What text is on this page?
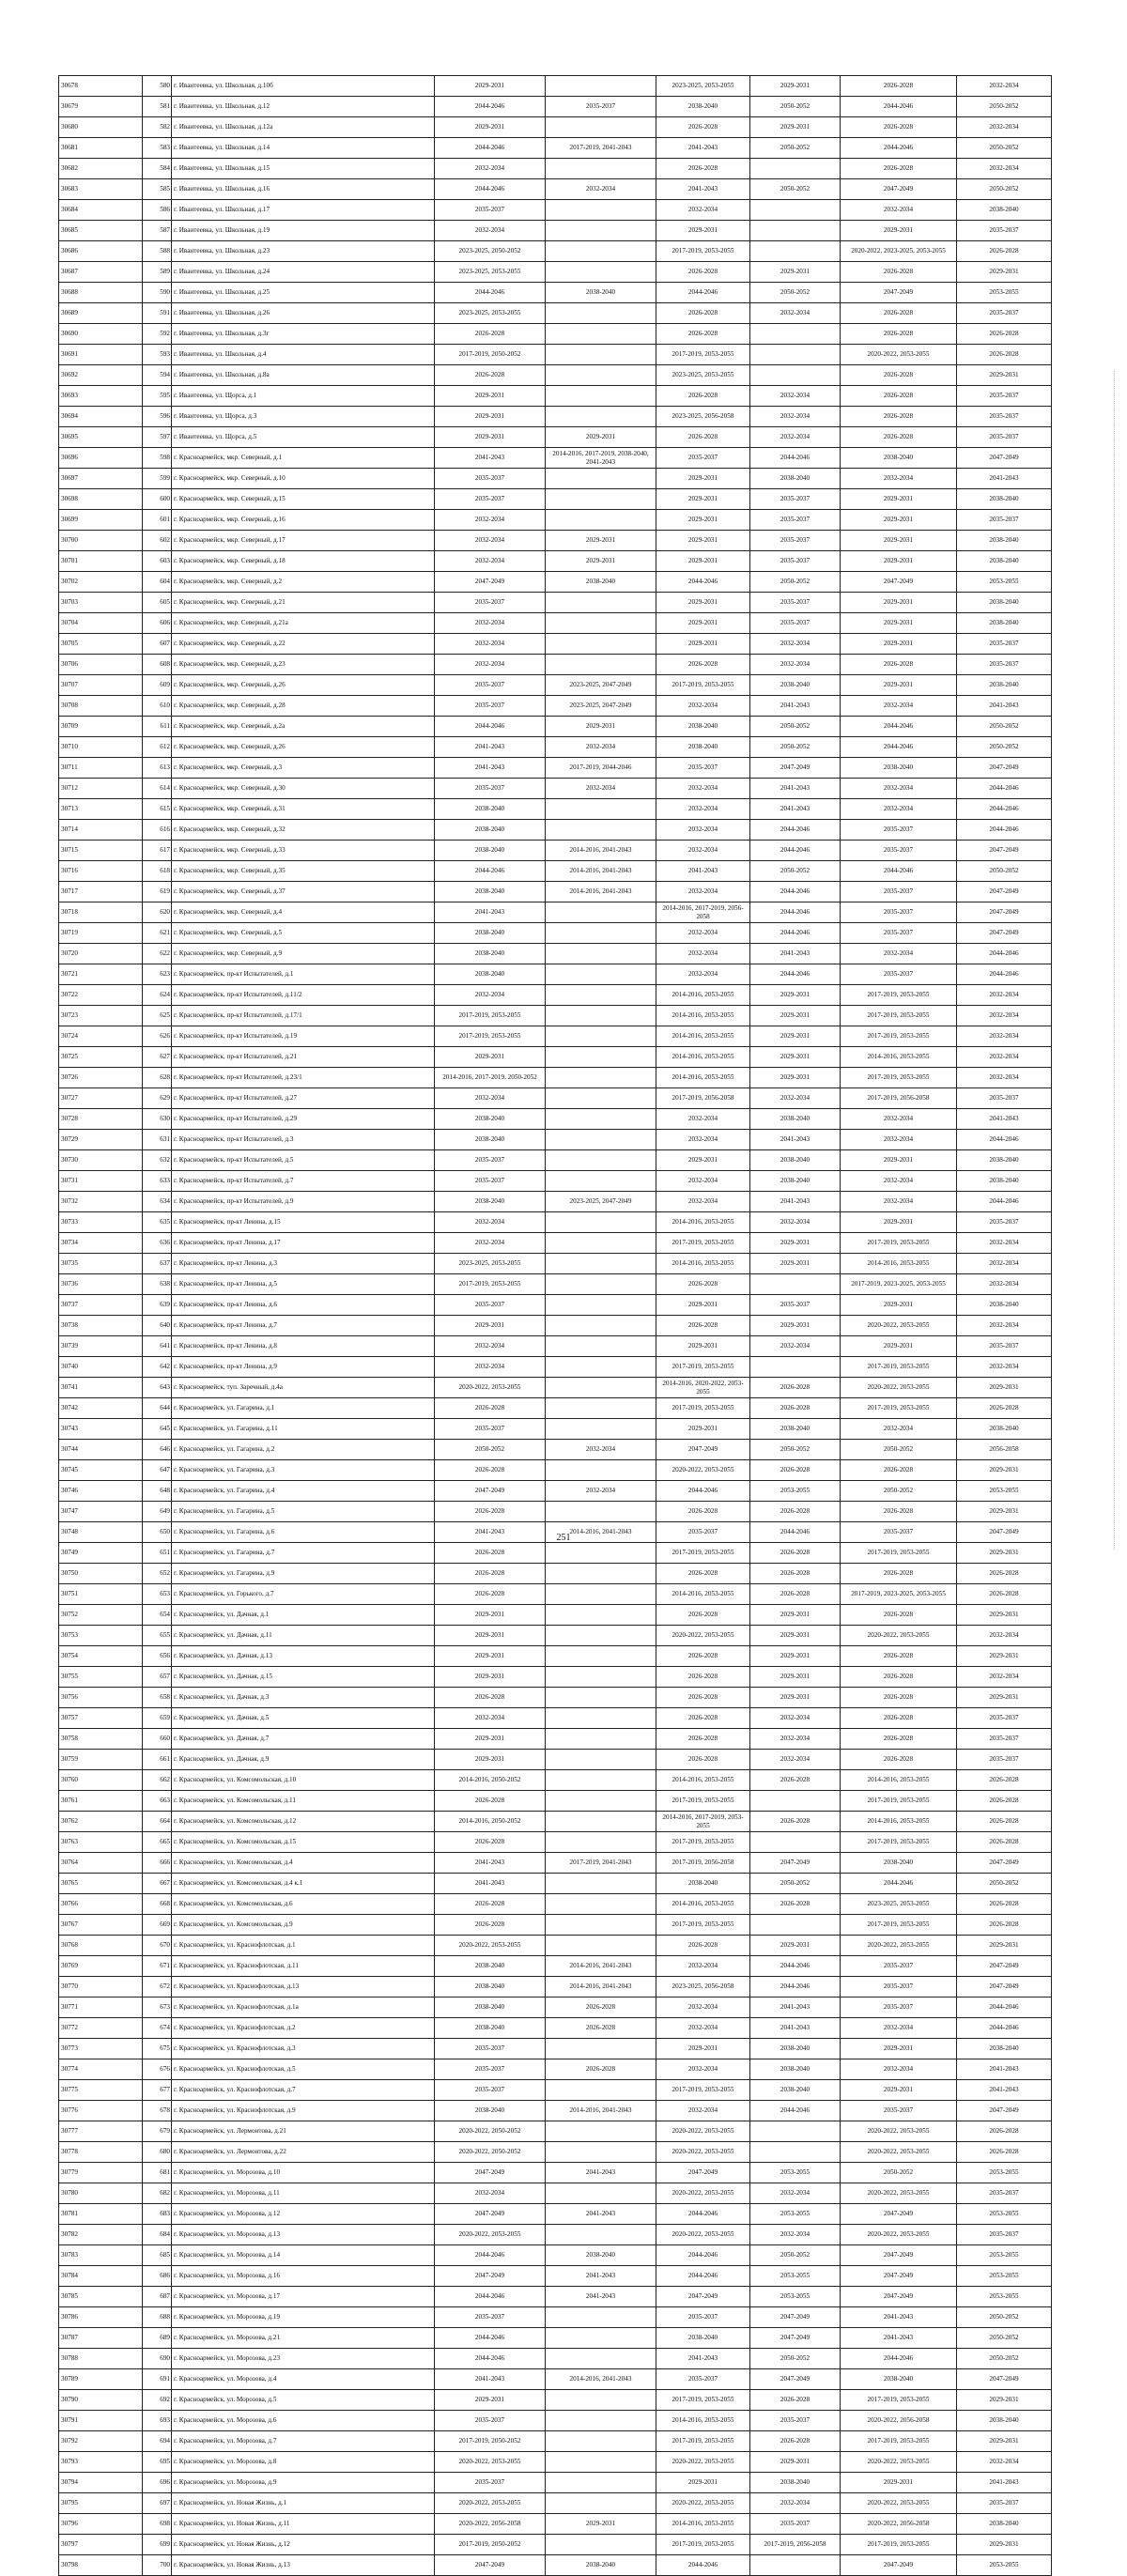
30678	580	г. Ивантеевка, ул. Школьная, д.10б	2029-2031		2023-2025, 2053-2055	2029-2031	2026-2028	2032-2034
30679	581	г. Ивантеевка, ул. Школьная, д.12	2044-2046	2035-2037	2038-2040	2050-2052	2044-2046	2050-2052
30680	582	г. Ивантеевка, ул. Школьная, д.12а	2029-2031		2026-2028	2029-2031	2026-2028	2032-2034
30681	583	г. Ивантеевка, ул. Школьная, д.14	2044-2046	2017-2019, 2041-2043	2041-2043	2050-2052	2044-2046	2050-2052
30682	584	г. Ивантеевка, ул. Школьная, д.15	2032-2034		2026-2028		2026-2028	2032-2034
30683	585	г. Ивантеевка, ул. Школьная, д.16	2044-2046	2032-2034	2041-2043	2050-2052	2047-2049	2050-2052
30684	586	г. Ивантеевка, ул. Школьная, д.17	2035-2037		2032-2034		2032-2034	2038-2040
30685	587	г. Ивантеевка, ул. Школьная, д.19	2032-2034		2029-2031		2029-2031	2035-2037
30686	588	г. Ивантеевка, ул. Школьная, д.23	2023-2025, 2050-2052		2017-2019, 2053-2055		2020-2022, 2023-2025, 2053-2055	2026-2028
30687	589	г. Ивантеевка, ул. Школьная, д.24	2023-2025, 2053-2055		2026-2028	2029-2031	2026-2028	2029-2031
30688	590	г. Ивантеевка, ул. Школьная, д.25	2044-2046	2038-2040	2044-2046	2050-2052	2047-2049	2053-2055
30689	591	г. Ивантеевка, ул. Школьная, д.26	2023-2025, 2053-2055		2026-2028	2032-2034	2026-2028	2035-2037
30690	592	г. Ивантеевка, ул. Школьная, д.3г	2026-2028		2026-2028		2026-2028	2026-2028
30691	593	г. Ивантеевка, ул. Школьная, д.4	2017-2019, 2050-2052		2017-2019, 2053-2055		2020-2022, 2053-2055	2026-2028
30692	594	г. Ивантеевка, ул. Школьная, д.8а	2026-2028		2023-2025, 2053-2055		2026-2028	2029-2031
30693	595	г. Ивантеевка, ул. Щорса, д.1	2029-2031		2026-2028	2032-2034	2026-2028	2035-2037
30694	596	г. Ивантеевка, ул. Щорса, д.3	2029-2031		2023-2025, 2056-2058	2032-2034	2026-2028	2035-2037
30695	597	г. Ивантеевка, ул. Щорса, д.5	2029-2031	2029-2031	2026-2028	2032-2034	2026-2028	2035-2037
30696	598	г. Красноармейск, мкр. Северный, д.1	2041-2043	2014-2016, 2017-2019, 2038-2040, 2041-2043	2035-2037	2044-2046	2038-2040	2047-2049
30697	599	г. Красноармейск, мкр. Северный, д.10	2035-2037		2029-2031	2038-2040	2032-2034	2041-2043
30698	600	г. Красноармейск, мкр. Северный, д.15	2035-2037		2029-2031	2035-2037	2029-2031	2038-2040
30699	601	г. Красноармейск, мкр. Северный, д.16	2032-2034		2029-2031	2035-2037	2029-2031	2035-2037
30700	602	г. Красноармейск, мкр. Северный, д.17	2032-2034	2029-2031	2029-2031	2035-2037	2029-2031	2038-2040
30701	603	г. Красноармейск, мкр. Северный, д.18	2032-2034	2029-2031	2029-2031	2035-2037	2029-2031	2038-2040
30702	604	г. Красноармейск, мкр. Северный, д.2	2047-2049	2038-2040	2044-2046	2050-2052	2047-2049	2053-2055
30703	605	г. Красноармейск, мкр. Северный, д.21	2035-2037		2029-2031	2035-2037	2029-2031	2038-2040
30704	606	г. Красноармейск, мкр. Северный, д.21а	2032-2034		2029-2031	2035-2037	2029-2031	2038-2040
30705	607	г. Красноармейск, мкр. Северный, д.22	2032-2034		2029-2031	2032-2034	2029-2031	2035-2037
30706	608	г. Красноармейск, мкр. Северный, д.23	2032-2034		2026-2028	2032-2034	2026-2028	2035-2037
30707	609	г. Красноармейск, мкр. Северный, д.26	2035-2037	2023-2025, 2047-2049	2017-2019, 2053-2055	2038-2040	2029-2031	2038-2040
30708	610	г. Красноармейск, мкр. Северный, д.28	2035-2037	2023-2025, 2047-2049	2032-2034	2041-2043	2032-2034	2041-2043
30709	611	г. Красноармейск, мкр. Северный, д.2а	2044-2046	2029-2031	2038-2040	2050-2052	2044-2046	2050-2052
30710	612	г. Красноармейск, мкр. Северный, д.26	2041-2043	2032-2034	2038-2040	2050-2052	2044-2046	2050-2052
30711	613	г. Красноармейск, мкр. Северный, д.3	2041-2043	2017-2019, 2044-2046	2035-2037	2047-2049	2038-2040	2047-2049
30712	614	г. Красноармейск, мкр. Северный, д.30	2035-2037	2032-2034	2032-2034	2041-2043	2032-2034	2044-2046
30713	615	г. Красноармейск, мкр. Северный, д.31	2038-2040		2032-2034	2041-2043	2032-2034	2044-2046
30714	616	г. Красноармейск, мкр. Северный, д.32	2038-2040		2032-2034	2044-2046	2035-2037	2044-2046
30715	617	г. Красноармейск, мкр. Северный, д.33	2038-2040	2014-2016, 2041-2043	2032-2034	2044-2046	2035-2037	2047-2049
30716	618	г. Красноармейск, мкр. Северный, д.35	2044-2046	2014-2016, 2041-2043	2041-2043	2050-2052	2044-2046	2050-2052
30717	619	г. Красноармейск, мкр. Северный, д.37	2038-2040	2014-2016, 2041-2043	2032-2034	2044-2046	2035-2037	2047-2049
30718	620	г. Красноармейск, мкр. Северный, д.4	2041-2043		2014-2016, 2017-2019, 2056-2058	2044-2046	2035-2037	2047-2049
30719	621	г. Красноармейск, мкр. Северный, д.5	2038-2040		2032-2034	2044-2046	2035-2037	2047-2049
30720	622	г. Красноармейск, мкр. Северный, д.9	2038-2040		2032-2034	2041-2043	2032-2034	2044-2046
30721	623	г. Красноармейск, пр-кт Испытателей, д.1	2038-2040		2032-2034	2044-2046	2035-2037	2044-2046
30722	624	г. Красноармейск, пр-кт Испытателей, д.11/2	2032-2034		2014-2016, 2053-2055	2029-2031	2017-2019, 2053-2055	2032-2034
30723	625	г. Красноармейск, пр-кт Испытателей, д.17/1	2017-2019, 2053-2055		2014-2016, 2053-2055	2029-2031	2017-2019, 2053-2055	2032-2034
30724	626	г. Красноармейск, пр-кт Испытателей, д.19	2017-2019, 2053-2055		2014-2016, 2053-2055	2029-2031	2017-2019, 2053-2055	2032-2034
30725	627	г. Красноармейск, пр-кт Испытателей, д.21	2029-2031		2014-2016, 2053-2055	2029-2031	2014-2016, 2053-2055	2032-2034
30726	628	г. Красноармейск, пр-кт Испытателей, д.23/1	2014-2016, 2017-2019, 2050-2052		2014-2016, 2053-2055	2029-2031	2017-2019, 2053-2055	2032-2034
30727	629	г. Красноармейск, пр-кт Испытателей, д.27	2032-2034		2017-2019, 2056-2058	2032-2034	2017-2019, 2056-2058	2035-2037
30728	630	г. Красноармейск, пр-кт Испытателей, д.29	2038-2040		2032-2034	2038-2040	2032-2034	2041-2043
30729	631	г. Красноармейск, пр-кт Испытателей, д.3	2038-2040		2032-2034	2041-2043	2032-2034	2044-2046
30730	632	г. Красноармейск, пр-кт Испытателей, д.5	2035-2037		2029-2031	2038-2040	2029-2031	2038-2040
30731	633	г. Красноармейск, пр-кт Испытателей, д.7	2035-2037		2032-2034	2038-2040	2032-2034	2038-2040
30732	634	г. Красноармейск, пр-кт Испытателей, д.9	2038-2040	2023-2025, 2047-2049	2032-2034	2041-2043	2032-2034	2044-2046
30733	635	г. Красноармейск, пр-кт Ленина, д.15	2032-2034		2014-2016, 2053-2055	2032-2034	2029-2031	2035-2037
30734	636	г. Красноармейск, пр-кт Ленина, д.17	2032-2034		2017-2019, 2053-2055	2029-2031	2017-2019, 2053-2055	2032-2034
30735	637	г. Красноармейск, пр-кт Ленина, д.3	2023-2025, 2053-2055		2014-2016, 2053-2055	2029-2031	2014-2016, 2053-2055	2032-2034
30736	638	г. Красноармейск, пр-кт Ленина, д.5	2017-2019, 2053-2055		2026-2028		2017-2019, 2023-2025, 2053-2055	2032-2034
30737	639	г. Красноармейск, пр-кт Ленина, д.6	2035-2037		2029-2031	2035-2037	2029-2031	2038-2040
30738	640	г. Красноармейск, пр-кт Ленина, д.7	2029-2031		2026-2028	2029-2031	2020-2022, 2053-2055	2032-2034
30739	641	г. Красноармейск, пр-кт Ленина, д.8	2032-2034		2029-2031	2032-2034	2029-2031	2035-2037
30740	642	г. Красноармейск, пр-кт Ленина, д.9	2032-2034		2017-2019, 2053-2055		2017-2019, 2053-2055	2032-2034
30741	643	г. Красноармейск, туп. Заречный, д.4а	2020-2022, 2053-2055		2014-2016, 2020-2022, 2053-2055	2026-2028	2020-2022, 2053-2055	2029-2031
30742	644	г. Красноармейск, ул. Гагарина, д.1	2026-2028		2017-2019, 2053-2055	2026-2028	2017-2019, 2053-2055	2026-2028
30743	645	г. Красноармейск, ул. Гагарина, д.11	2035-2037		2029-2031	2038-2040	2032-2034	2038-2040
30744	646	г. Красноармейск, ул. Гагарина, д.2	2050-2052	2032-2034	2047-2049	2050-2052	2050-2052	2056-2058
30745	647	г. Красноармейск, ул. Гагарина, д.3	2026-2028		2020-2022, 2053-2055	2026-2028	2026-2028	2029-2031
30746	648	г. Красноармейск, ул. Гагарина, д.4	2047-2049	2032-2034	2044-2046	2053-2055	2050-2052	2053-2055
30747	649	г. Красноармейск, ул. Гагарина, д.5	2026-2028		2026-2028	2026-2028	2026-2028	2029-2031
30748	650	г. Красноармейск, ул. Гагарина, д.6	2041-2043	2014-2016, 2041-2043	2035-2037	2044-2046	2035-2037	2047-2049
30749	651	г. Красноармейск, ул. Гагарина, д.7	2026-2028		2017-2019, 2053-2055	2026-2028	2017-2019, 2053-2055	2029-2031
30750	652	г. Красноармейск, ул. Гагарина, д.9	2026-2028		2026-2028	2026-2028	2026-2028	2026-2028
30751	653	г. Красноармейск, ул. Горького, д.7	2026-2028		2014-2016, 2053-2055	2026-2028	2017-2019, 2023-2025, 2053-2055	2026-2028
30752	654	г. Красноармейск, ул. Дачная, д.1	2029-2031		2026-2028	2029-2031	2026-2028	2029-2031
30753	655	г. Красноармейск, ул. Дачная, д.11	2029-2031		2020-2022, 2053-2055	2029-2031	2020-2022, 2053-2055	2032-2034
30754	656	г. Красноармейск, ул. Дачная, д.13	2029-2031		2026-2028	2029-2031	2026-2028	2029-2031
30755	657	г. Красноармейск, ул. Дачная, д.15	2029-2031		2026-2028	2029-2031	2026-2028	2032-2034
30756	658	г. Красноармейск, ул. Дачная, д.3	2026-2028		2026-2028	2029-2031	2026-2028	2029-2031
30757	659	г. Красноармейск, ул. Дачная, д.5	2032-2034		2026-2028	2032-2034	2026-2028	2035-2037
30758	660	г. Красноармейск, ул. Дачная, д.7	2029-2031		2026-2028	2032-2034	2026-2028	2035-2037
30759	661	г. Красноармейск, ул. Дачная, д.9	2029-2031		2026-2028	2032-2034	2026-2028	2035-2037
30760	662	г. Красноармейск, ул. Комсомольская, д.10	2014-2016, 2050-2052		2014-2016, 2053-2055	2026-2028	2014-2016, 2053-2055	2026-2028
30761	663	г. Красноармейск, ул. Комсомольская, д.11	2026-2028		2017-2019, 2053-2055		2017-2019, 2053-2055	2026-2028
30762	664	г. Красноармейск, ул. Комсомольская, д.12	2014-2016, 2050-2052		2014-2016, 2017-2019, 2053-2055	2026-2028	2014-2016, 2053-2055	2026-2028
30763	665	г. Красноармейск, ул. Комсомольская, д.15	2026-2028		2017-2019, 2053-2055		2017-2019, 2053-2055	2026-2028
30764	666	г. Красноармейск, ул. Комсомольская, д.4	2041-2043	2017-2019, 2041-2043	2017-2019, 2056-2058	2047-2049	2038-2040	2047-2049
30765	667	г. Красноармейск, ул. Комсомольская, д.4 к.1	2041-2043		2038-2040	2050-2052	2044-2046	2050-2052
30766	668	г. Красноармейск, ул. Комсомольская, д.6	2026-2028		2014-2016, 2053-2055	2026-2028	2023-2025, 2053-2055	2026-2028
30767	669	г. Красноармейск, ул. Комсомольская, д.9	2026-2028		2017-2019, 2053-2055		2017-2019, 2053-2055	2026-2028
30768	670	г. Красноармейск, ул. Краснофлотская, д.1	2020-2022, 2053-2055		2026-2028	2029-2031	2020-2022, 2053-2055	2029-2031
30769	671	г. Красноармейск, ул. Краснофлотская, д.11	2038-2040	2014-2016, 2041-2043	2032-2034	2044-2046	2035-2037	2047-2049
30770	672	г. Красноармейск, ул. Краснофлотская, д.13	2038-2040	2014-2016, 2041-2043	2023-2025, 2056-2058	2044-2046	2035-2037	2047-2049
30771	673	г. Красноармейск, ул. Краснофлотская, д.1а	2038-2040	2026-2028	2032-2034	2041-2043	2035-2037	2044-2046
30772	674	г. Красноармейск, ул. Краснофлотская, д.2	2038-2040	2026-2028	2032-2034	2041-2043	2032-2034	2044-2046
30773	675	г. Красноармейск, ул. Краснофлотская, д.3	2035-2037		2029-2031	2038-2040	2029-2031	2038-2040
30774	676	г. Красноармейск, ул. Краснофлотская, д.5	2035-2037	2026-2028	2032-2034	2038-2040	2032-2034	2041-2043
30775	677	г. Красноармейск, ул. Краснофлотская, д.7	2035-2037		2017-2019, 2053-2055	2038-2040	2029-2031	2041-2043
30776	678	г. Красноармейск, ул. Краснофлотская, д.9	2038-2040	2014-2016, 2041-2043	2032-2034	2044-2046	2035-2037	2047-2049
30777	679	г. Красноармейск, ул. Лермонтова, д.21	2020-2022, 2050-2052		2020-2022, 2053-2055		2020-2022, 2053-2055	2026-2028
30778	680	г. Красноармейск, ул. Лермонтова, д.22	2020-2022, 2050-2052		2020-2022, 2053-2055		2020-2022, 2053-2055	2026-2028
30779	681	г. Красноармейск, ул. Морозова, д.10	2047-2049	2041-2043	2047-2049	2053-2055	2050-2052	2053-2055
30780	682	г. Красноармейск, ул. Морозова, д.11	2032-2034		2020-2022, 2053-2055	2032-2034	2020-2022, 2053-2055	2035-2037
30781	683	г. Красноармейск, ул. Морозова, д.12	2047-2049	2041-2043	2044-2046	2053-2055	2047-2049	2053-2055
30782	684	г. Красноармейск, ул. Морозова, д.13	2020-2022, 2053-2055		2020-2022, 2053-2055	2032-2034	2020-2022, 2053-2055	2035-2037
30783	685	г. Красноармейск, ул. Морозова, д.14	2044-2046	2038-2040	2044-2046	2050-2052	2047-2049	2053-2055
30784	686	г. Красноармейск, ул. Морозова, д.16	2047-2049	2041-2043	2044-2046	2053-2055	2047-2049	2053-2055
30785	687	г. Красноармейск, ул. Морозова, д.17	2044-2046	2041-2043	2047-2049	2053-2055	2047-2049	2053-2055
30786	688	г. Красноармейск, ул. Морозова, д.19	2035-2037		2035-2037	2047-2049	2041-2043	2050-2052
30787	689	г. Красноармейск, ул. Морозова, д.21	2044-2046		2038-2040	2047-2049	2041-2043	2050-2052
30788	690	г. Красноармейск, ул. Морозова, д.23	2044-2046		2041-2043	2050-2052	2044-2046	2050-2052
30789	691	г. Красноармейск, ул. Морозова, д.4	2041-2043	2014-2016, 2041-2043	2035-2037	2047-2049	2038-2040	2047-2049
30790	692	г. Красноармейск, ул. Морозова, д.5	2029-2031		2017-2019, 2053-2055	2026-2028	2017-2019, 2053-2055	2029-2031
30791	693	г. Красноармейск, ул. Морозова, д.6	2035-2037		2014-2016, 2053-2055	2035-2037	2020-2022, 2056-2058	2038-2040
30792	694	г. Красноармейск, ул. Морозова, д.7	2017-2019, 2050-2052		2017-2019, 2053-2055	2026-2028	2017-2019, 2053-2055	2029-2031
30793	695	г. Красноармейск, ул. Морозова, д.8	2020-2022, 2053-2055		2020-2022, 2053-2055	2029-2031	2020-2022, 2053-2055	2032-2034
30794	696	г. Красноармейск, ул. Морозова, д.9	2035-2037		2029-2031	2038-2040	2029-2031	2041-2043
30795	697	г. Красноармейск, ул. Новая Жизнь, д.1	2020-2022, 2053-2055		2020-2022, 2053-2055	2032-2034	2020-2022, 2053-2055	2035-2037
30796	698	г. Красноармейск, ул. Новая Жизнь, д.11	2020-2022, 2056-2058	2029-2031	2014-2016, 2053-2055	2035-2037	2020-2022, 2056-2058	2038-2040
30797	699	г. Красноармейск, ул. Новая Жизнь, д.12	2017-2019, 2050-2052		2017-2019, 2053-2055	2017-2019, 2056-2058	2017-2019, 2053-2055	2029-2031
30798	700	г. Красноармейск, ул. Новая Жизнь, д.13	2047-2049	2038-2040	2044-2046		2047-2049	2053-2055
251
